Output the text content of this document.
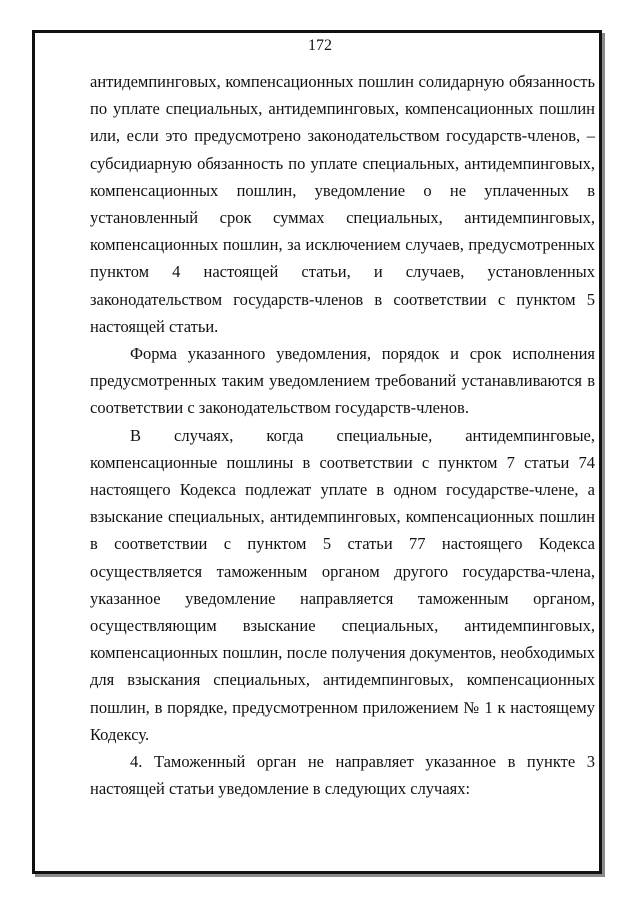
172

антидемпинговых, компенсационных пошлин солидарную обязанность по уплате специальных, антидемпинговых, компенсационных пошлин или, если это предусмотрено законодательством государств-членов, – субсидиарную обязанность по уплате специальных, антидемпинговых, компенсационных пошлин, уведомление о не уплаченных в установленный срок суммах специальных, антидемпинговых, компенсационных пошлин, за исключением случаев, предусмотренных пунктом 4 настоящей статьи, и случаев, установленных законодательством государств-членов в соответствии с пунктом 5 настоящей статьи.

Форма указанного уведомления, порядок и срок исполнения предусмотренных таким уведомлением требований устанавливаются в соответствии с законодательством государств-членов.

В случаях, когда специальные, антидемпинговые, компенсационные пошлины в соответствии с пунктом 7 статьи 74 настоящего Кодекса подлежат уплате в одном государстве-члене, а взыскание специальных, антидемпинговых, компенсационных пошлин в соответствии с пунктом 5 статьи 77 настоящего Кодекса осуществляется таможенным органом другого государства-члена, указанное уведомление направляется таможенным органом, осуществляющим взыскание специальных, антидемпинговых, компенсационных пошлин, после получения документов, необходимых для взыскания специальных, антидемпинговых, компенсационных пошлин, в порядке, предусмотренном приложением № 1 к настоящему Кодексу.

4. Таможенный орган не направляет указанное в пункте 3 настоящей статьи уведомление в следующих случаях:
